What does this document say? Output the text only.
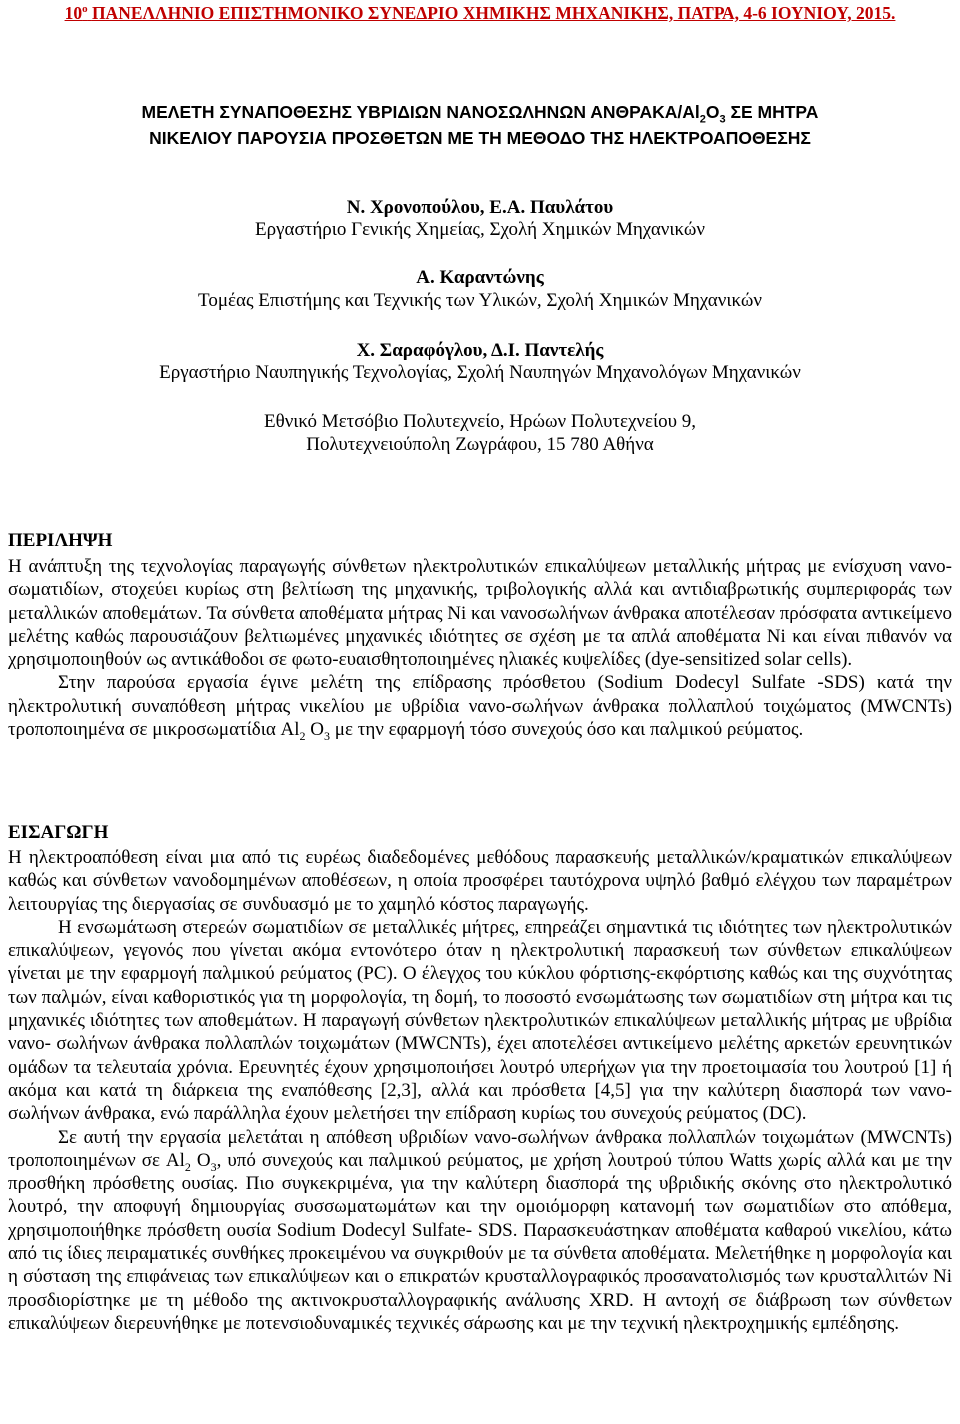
$10^o$ ΠΑΝΕΛΛΗΝΙΟ ΕΠΙΣΤΗΜΟΝΙΚΟ ΣΥΝΕΔΡΙΟ ΧΗΜΙΚΗΣ ΜΗΧΑΝΙΚΗΣ, ΠΑΤΡΑ, 4-6 ΙΟΥΝΙΟΥ, 2015.
ΜΕΛΕΤΗ ΣΥΝΑΠΟΘΕΣΗΣ ΥΒΡΙΔΙΩΝ ΝΑΝΟΣΩΛΗΝΩΝ ΑΝΘΡΑΚΑ/$Al_2O_3$ ΣΕ ΜΗΤΡΑ
ΝΙΚΕΛΙΟΥ ΠΑΡΟΥΣΙΑ ΠΡΟΣΘΕΤΩΝ ΜΕ ΤΗ ΜΕΘΟΔΟ ΤΗΣ ΗΛΕΚΤΡΟΑΠΟΘΕΣΗΣ
Ν. Χρονοπούλου, Ε.Α. Παυλάτου
Εργαστήριο Γενικής Χημείας, Σχολή Χημικών Μηχανικών
Α. Καραντώνης
Τομέας Επιστήμης και Τεχνικής των Υλικών, Σχολή Χημικών Μηχανικών
Χ. Σαραφόγλου, Δ.Ι. Παντελής
Εργαστήριο Ναυπηγικής Τεχνολογίας, Σχολή Ναυπηγών Μηχανολόγων Μηχανικών
Εθνικό Μετσόβιο Πολυτεχνείο, Ηρώων Πολυτεχνείου 9,
Πολυτεχνειούπολη Ζωγράφου, 15 780 Αθήνα
ΠΕΡΙΛΗΨΗ

Η ανάπτυξη της τεχνολογίας παραγωγής σύνθετων ηλεκτρολυτικών επικαλύψεων μεταλλικής μήτρας με ενίσχυση νανο-σωματιδίων, στοχεύει κυρίως στη βελτίωση της μηχανικής, τριβολογικής αλλά και αντιδιαβρωτικής συμπεριφοράς των μεταλλικών αποθεμάτων. Τα σύνθετα αποθέματα μήτρας Ni και νανοσωλήνων άνθρακα αποτέλεσαν πρόσφατα αντικείμενο μελέτης καθώς παρουσιάζουν βελτιωμένες μηχανικές ιδιότητες σε σχέση με τα απλά αποθέματα Ni και είναι πιθανόν να χρησιμοποιηθούν ως αντικάθοδοι σε φωτο-ευαισθητοποιημένες ηλιακές κυψελίδες (dye-sensitized solar cells).

Στην παρούσα εργασία έγινε μελέτη της επίδρασης πρόσθετου (Sodium Dodecyl Sulfate -SDS) κατά την ηλεκτρολυτική συναπόθεση μήτρας νικελίου με υβρίδια νανο-σωλήνων άνθρακα πολλαπλού τοιχώματος (MWCNTs) τροποποιημένα σε μικροσωματίδια $Al_2$ $O_3$ με την εφαρμογή τόσο συνεχούς όσο και παλμικού ρεύματος.

ΕΙΣΑΓΩΓΗ

Η ηλεκτροαπόθεση είναι μια από τις ευρέως διαδεδομένες μεθόδους παρασκευής μεταλλικών/κραματικών επικαλύψεων καθώς και σύνθετων νανοδομημένων αποθέσεων, η οποία προσφέρει ταυτόχρονα υψηλό βαθμό ελέγχου των παραμέτρων λειτουργίας της διεργασίας σε συνδυασμό με το χαμηλό κόστος παραγωγής.

Η ενσωμάτωση στερεών σωματιδίων σε μεταλλικές μήτρες, επηρεάζει σημαντικά τις ιδιότητες των ηλεκτρολυτικών επικαλύψεων, γεγονός που γίνεται ακόμα εντονότερο όταν η ηλεκτρολυτική παρασκευή των σύνθετων επικαλύψεων γίνεται με την εφαρμογή παλμικού ρεύματος (PC). Ο έλεγχος του κύκλου φόρτισης-εκφόρτισης καθώς και της συχνότητας των παλμών, είναι καθοριστικός για τη μορφολογία, τη δομή, το ποσοστό ενσωμάτωσης των σωματιδίων στη μήτρα και τις μηχανικές ιδιότητες των αποθεμάτων. Η παραγωγή σύνθετων ηλεκτρολυτικών επικαλύψεων μεταλλικής μήτρας με υβρίδια νανο- σωλήνων άνθρακα πολλαπλών τοιχωμάτων (MWCNTs), έχει αποτελέσει αντικείμενο μελέτης αρκετών ερευνητικών ομάδων τα τελευταία χρόνια. Ερευνητές έχουν χρησιμοποιήσει λουτρό υπερήχων για την προετοιμασία του λουτρού [1] ή ακόμα και κατά τη διάρκεια της εναπόθεσης [2,3], αλλά και πρόσθετα [4,5] για την καλύτερη διασπορά των νανο- σωλήνων άνθρακα, ενώ παράλληλα έχουν μελετήσει την επίδραση κυρίως του συνεχούς ρεύματος (DC).

Σε αυτή την εργασία μελετάται η απόθεση υβριδίων νανο-σωλήνων άνθρακα πολλαπλών τοιχωμάτων (MWCNTs) τροποποιημένων σε $Al_2$ $O_3$, υπό συνεχούς και παλμικού ρεύματος, με χρήση λουτρού τύπου Watts χωρίς αλλά και με την προσθήκη πρόσθετης ουσίας. Πιο συγκεκριμένα, για την καλύτερη διασπορά της υβριδικής σκόνης στο ηλεκτρολυτικό λουτρό, την αποφυγή δημιουργίας συσσωματωμάτων και την ομοιόμορφη κατανομή των σωματιδίων στο απόθεμα, χρησιμοποιήθηκε πρόσθετη ουσία Sodium Dodecyl Sulfate- SDS. Παρασκευάστηκαν αποθέματα καθαρού νικελίου, κάτω από τις ίδιες πειραματικές συνθήκες προκειμένου να συγκριθούν με τα σύνθετα αποθέματα. Μελετήθηκε η μορφολογία και η σύσταση της επιφάνειας των επικαλύψεων και ο επικρατών κρυσταλλογραφικός προσανατολισμός των κρυσταλλιτών Ni προσδιορίστηκε με τη μέθοδο της ακτινοκρυσταλλογραφικής ανάλυσης XRD. Η αντοχή σε διάβρωση των σύνθετων επικαλύψεων διερευνήθηκε με ποτενσιοδυναμικές τεχνικές σάρωσης και με την τεχνική ηλεκτροχημικής εμπέδησης.
